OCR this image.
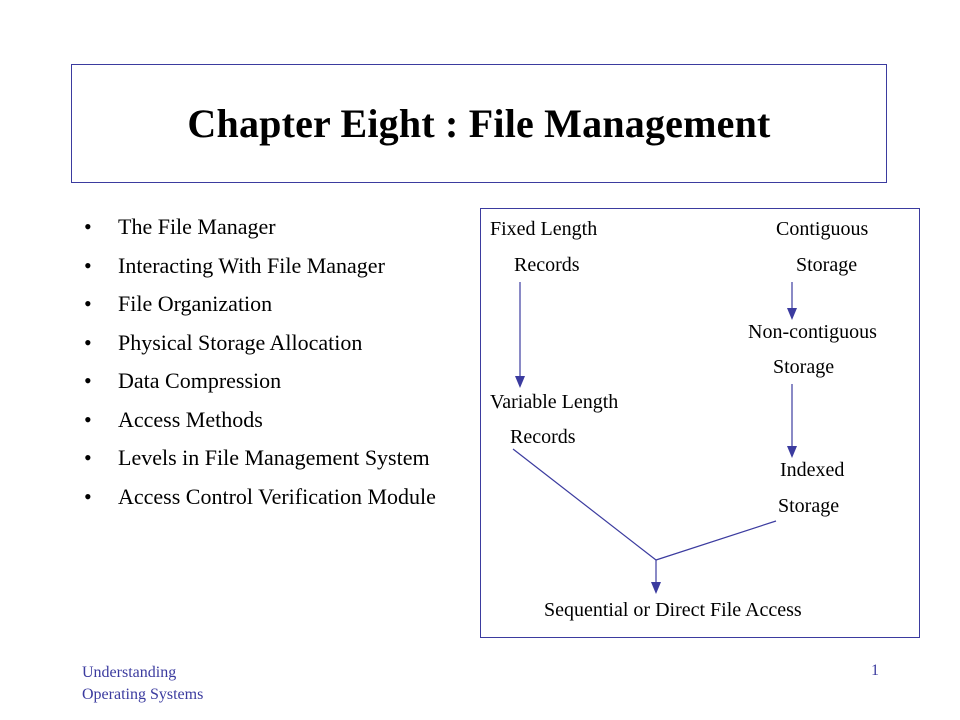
Chapter Eight : File Management
• The File Manager
• Interacting With File Manager
• File Organization
• Physical Storage Allocation
• Data Compression
• Access Methods
• Levels in File Management System
• Access Control Verification Module
Fixed Length
Records
Contiguous
Storage
Non-contiguous
Storage
Variable Length
Records
Indexed
Storage
Sequential or Direct File Access
Understanding
Operating Systems
1
